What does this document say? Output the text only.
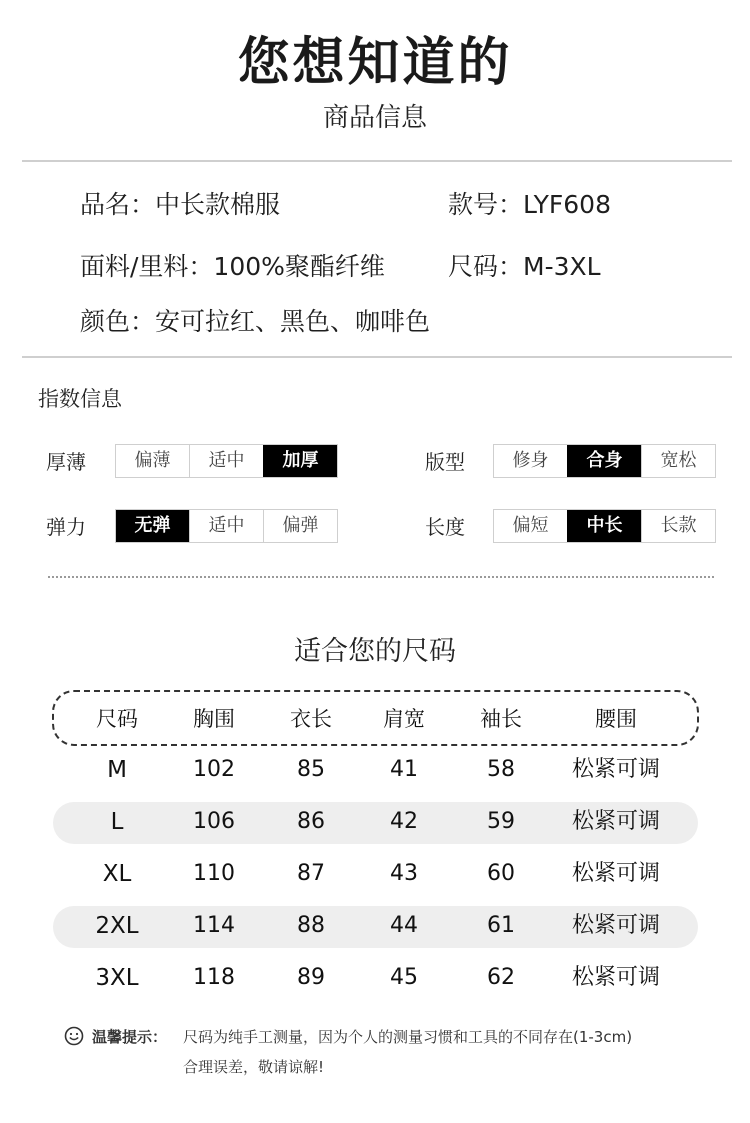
您想知道的
商品信息
品名：中长款棉服	款号：LYF608
面料/里料：100%聚酯纤维	尺码：M-3XL
颜色：安可拉红、黑色、咖啡色
指数信息
厚薄	偏薄	适中	加厚	版型	修身	合身	宽松
弹力	无弹	适中	偏弹	长度	偏短	中长	长款
适合您的尺码
尺码	胸围	衣长	肩宽	袖长	腰围
M	102	85	41	58	松紧可调
L	106	86	42	59	松紧可调
XL	110	87	43	60	松紧可调
2XL	114	88	44	61	松紧可调
3XL	118	89	45	62	松紧可调
温馨提示： 尺码为纯手工测量，因为个人的测量习惯和工具的不同存在(1-3cm)
合理误差，敬请谅解!
